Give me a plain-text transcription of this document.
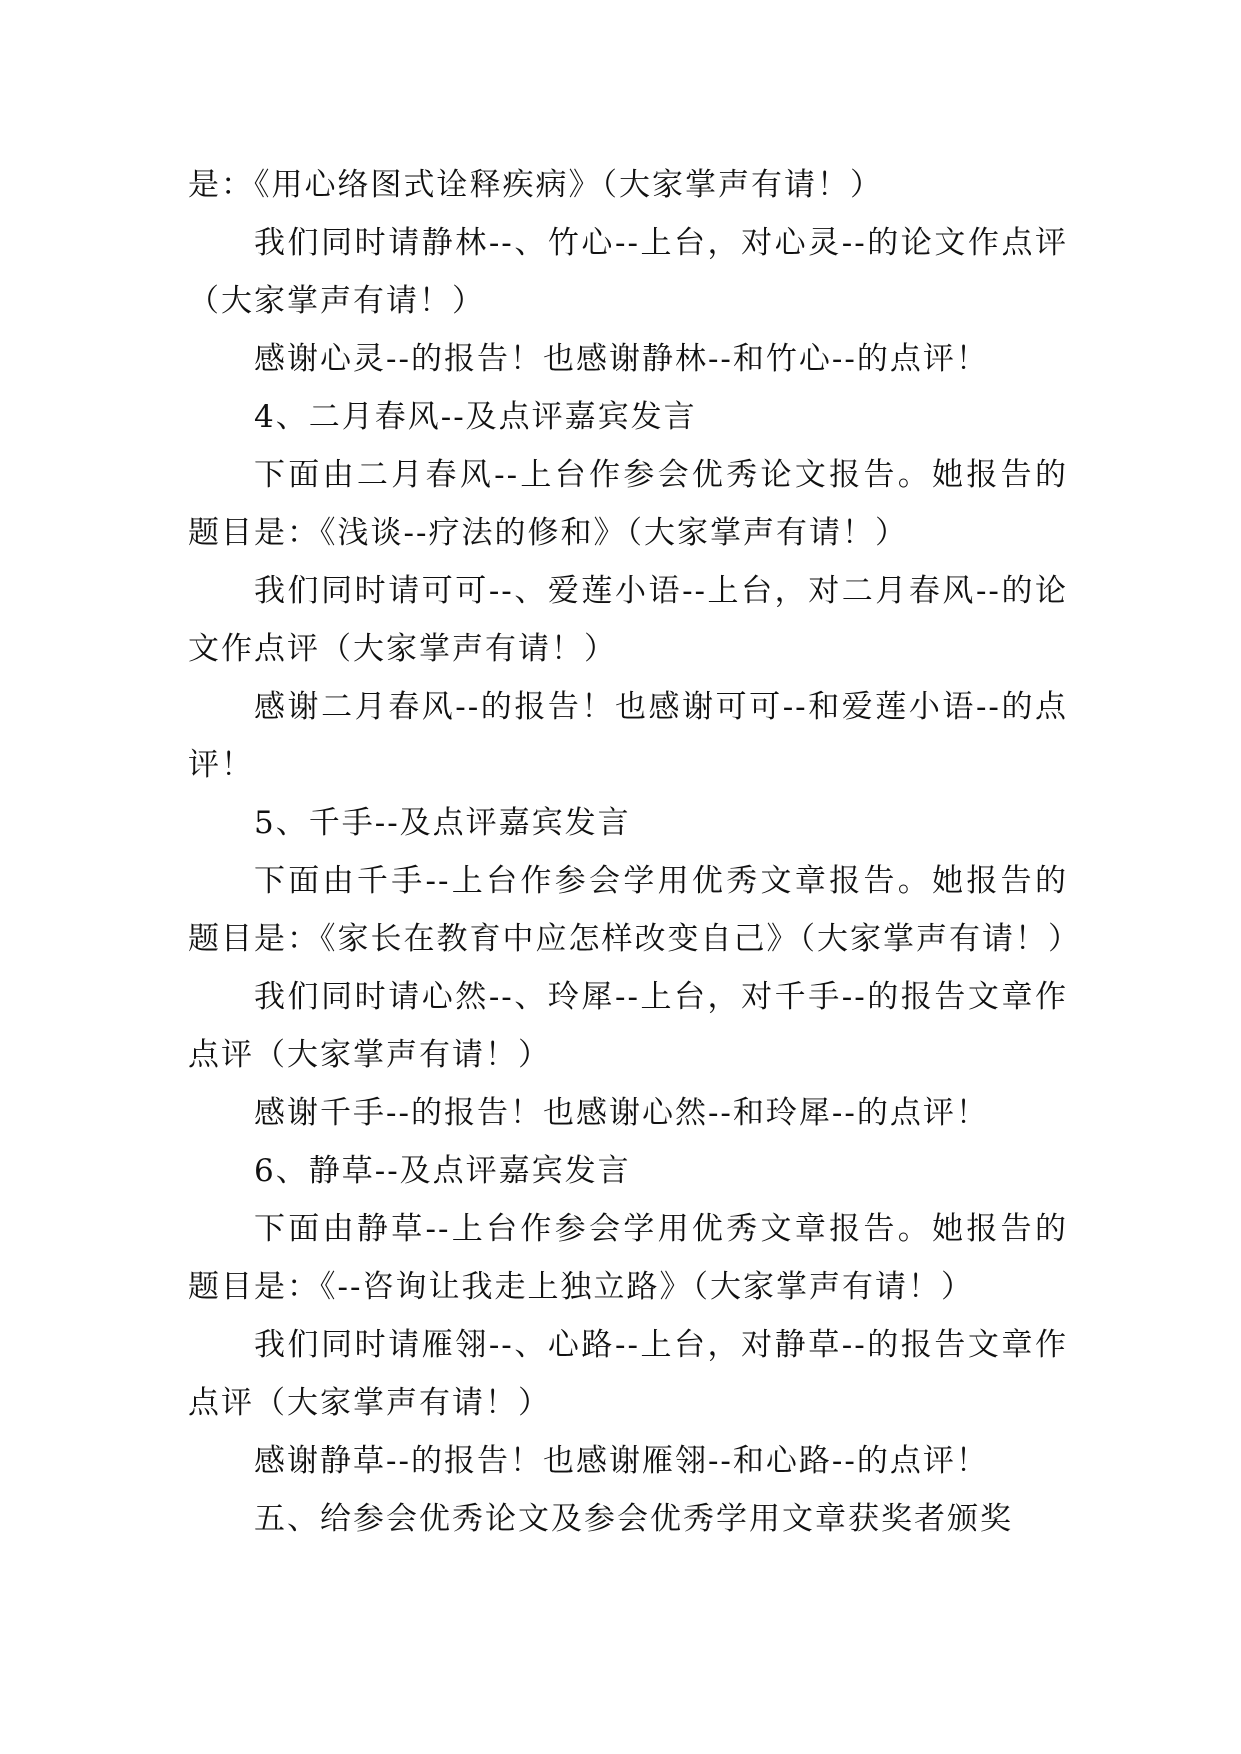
是：《用心络图式诠释疾病》（大家掌声有请！）

我们同时请静林--、竹心--上台，对心灵--的论文作点评（大家掌声有请！）

感谢心灵--的报告！也感谢静林--和竹心--的点评！

4、二月春风--及点评嘉宾发言

下面由二月春风--上台作参会优秀论文报告。她报告的题目是：《浅谈--疗法的修和》（大家掌声有请！）

我们同时请可可--、爱莲小语--上台，对二月春风--的论文作点评（大家掌声有请！）

感谢二月春风--的报告！也感谢可可--和爱莲小语--的点评！

5、千手--及点评嘉宾发言

下面由千手--上台作参会学用优秀文章报告。她报告的题目是：《家长在教育中应怎样改变自己》（大家掌声有请！）

我们同时请心然--、玲犀--上台，对千手--的报告文章作点评（大家掌声有请！）

感谢千手--的报告！也感谢心然--和玲犀--的点评！

6、静草--及点评嘉宾发言

下面由静草--上台作参会学用优秀文章报告。她报告的题目是：《--咨询让我走上独立路》（大家掌声有请！）

我们同时请雁翎--、心路--上台，对静草--的报告文章作点评（大家掌声有请！）

感谢静草--的报告！也感谢雁翎--和心路--的点评！

五、给参会优秀论文及参会优秀学用文章获奖者颁奖
